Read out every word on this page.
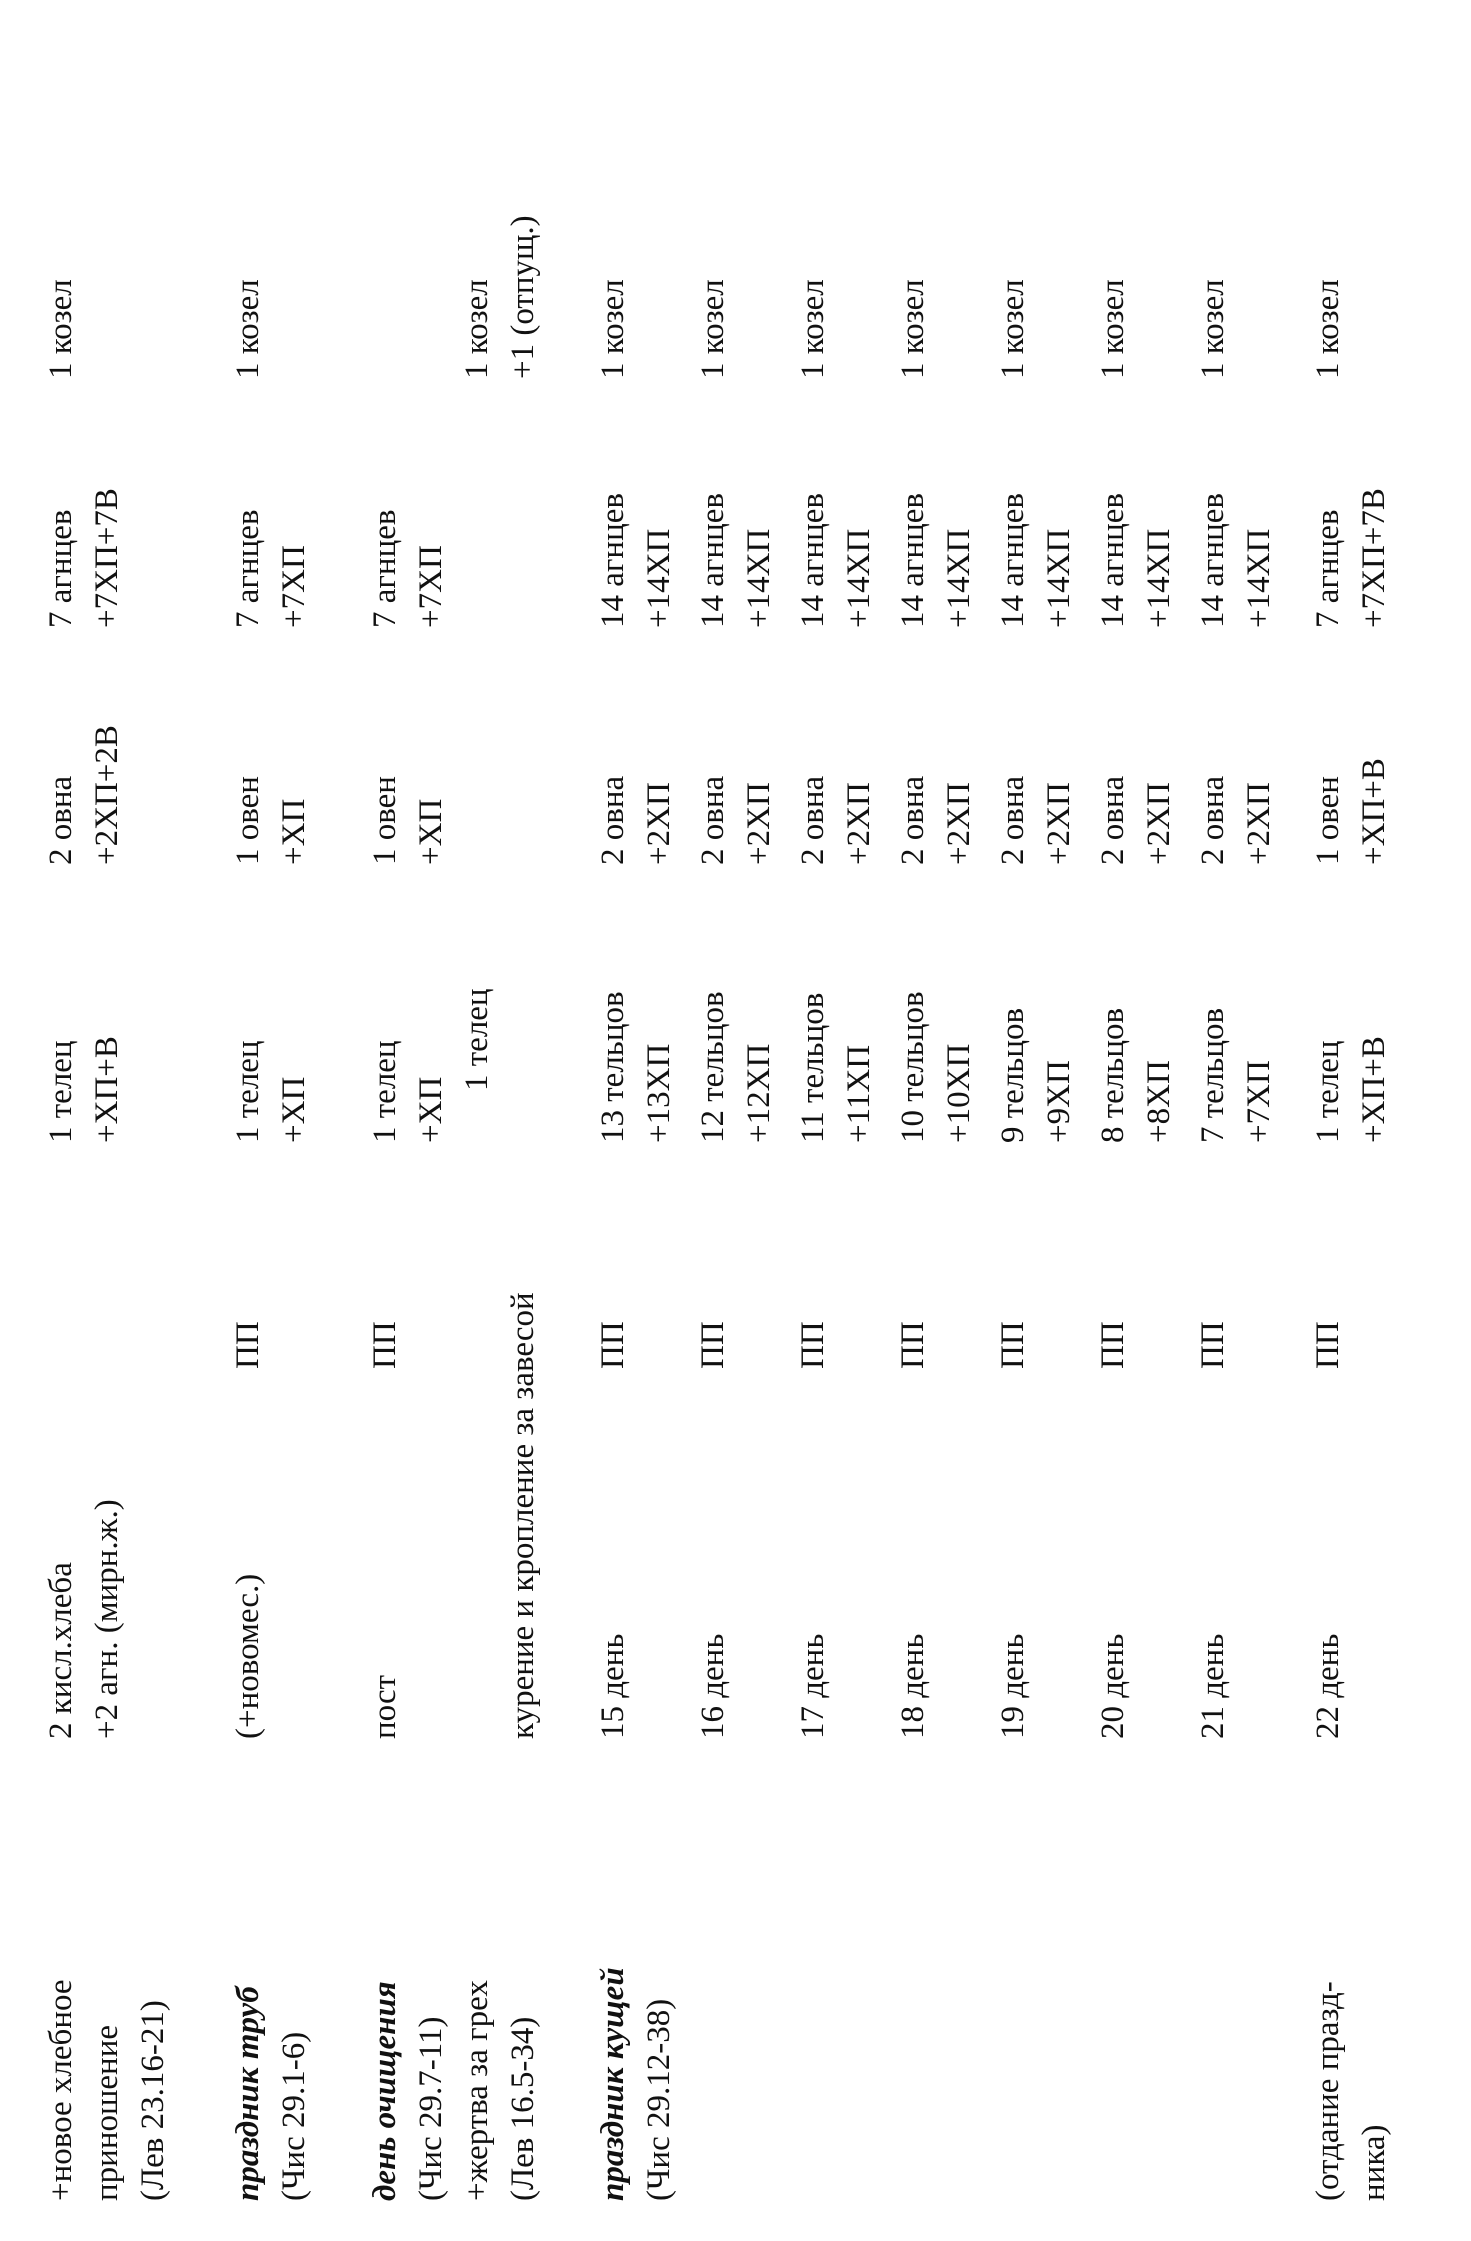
+новое хлебное приношение (Лев 23.16-21)
2 кисл.хлеба +2 агн. (мирн.ж.)
1 телец +ХП+В
2 овна +2ХП+2В
7 агнцев +7ХП+7В
1 козел
праздник труб (Чис 29.1-6)
(+новомес.)
ПП
1 телец +ХП
1 овен +ХП
7 агнцев +7ХП
1 козел
день очищения (Чис 29.7-11) +жертва за грех (Лев 16.5-34)
пост
ПП
1 телец +ХП
1 телец
1 овен +ХП
7 агнцев +7ХП

1 козел +1 (отпущ.)
курение и кропление за завесой
праздник кущей (Чис 29.12-38)
15 день
ПП
13 тельцов +13ХП
2 овна +2ХП
14 агнцев +14ХП
1 козел
16 день
ПП
12 тельцов +12ХП
2 овна +2ХП
14 агнцев +14ХП
1 козел
17 день
ПП
11 тельцов +11ХП
2 овна +2ХП
14 агнцев +14ХП
1 козел
18 день
ПП
10 тельцов +10ХП
2 овна +2ХП
14 агнцев +14ХП
1 козел
19 день
ПП
9 тельцов +9ХП
2 овна +2ХП
14 агнцев +14ХП
1 козел
20 день
ПП
8 тельцов +8ХП
2 овна +2ХП
14 агнцев +14ХП
1 козел
21 день
ПП
7 тельцов +7ХП
2 овна +2ХП
14 агнцев +14ХП
1 козел
(отдание празд- ника)
22 день
ПП
1 телец +ХП+В
1 овен +ХП+В
7 агнцев +7ХП+7В
1 козел
